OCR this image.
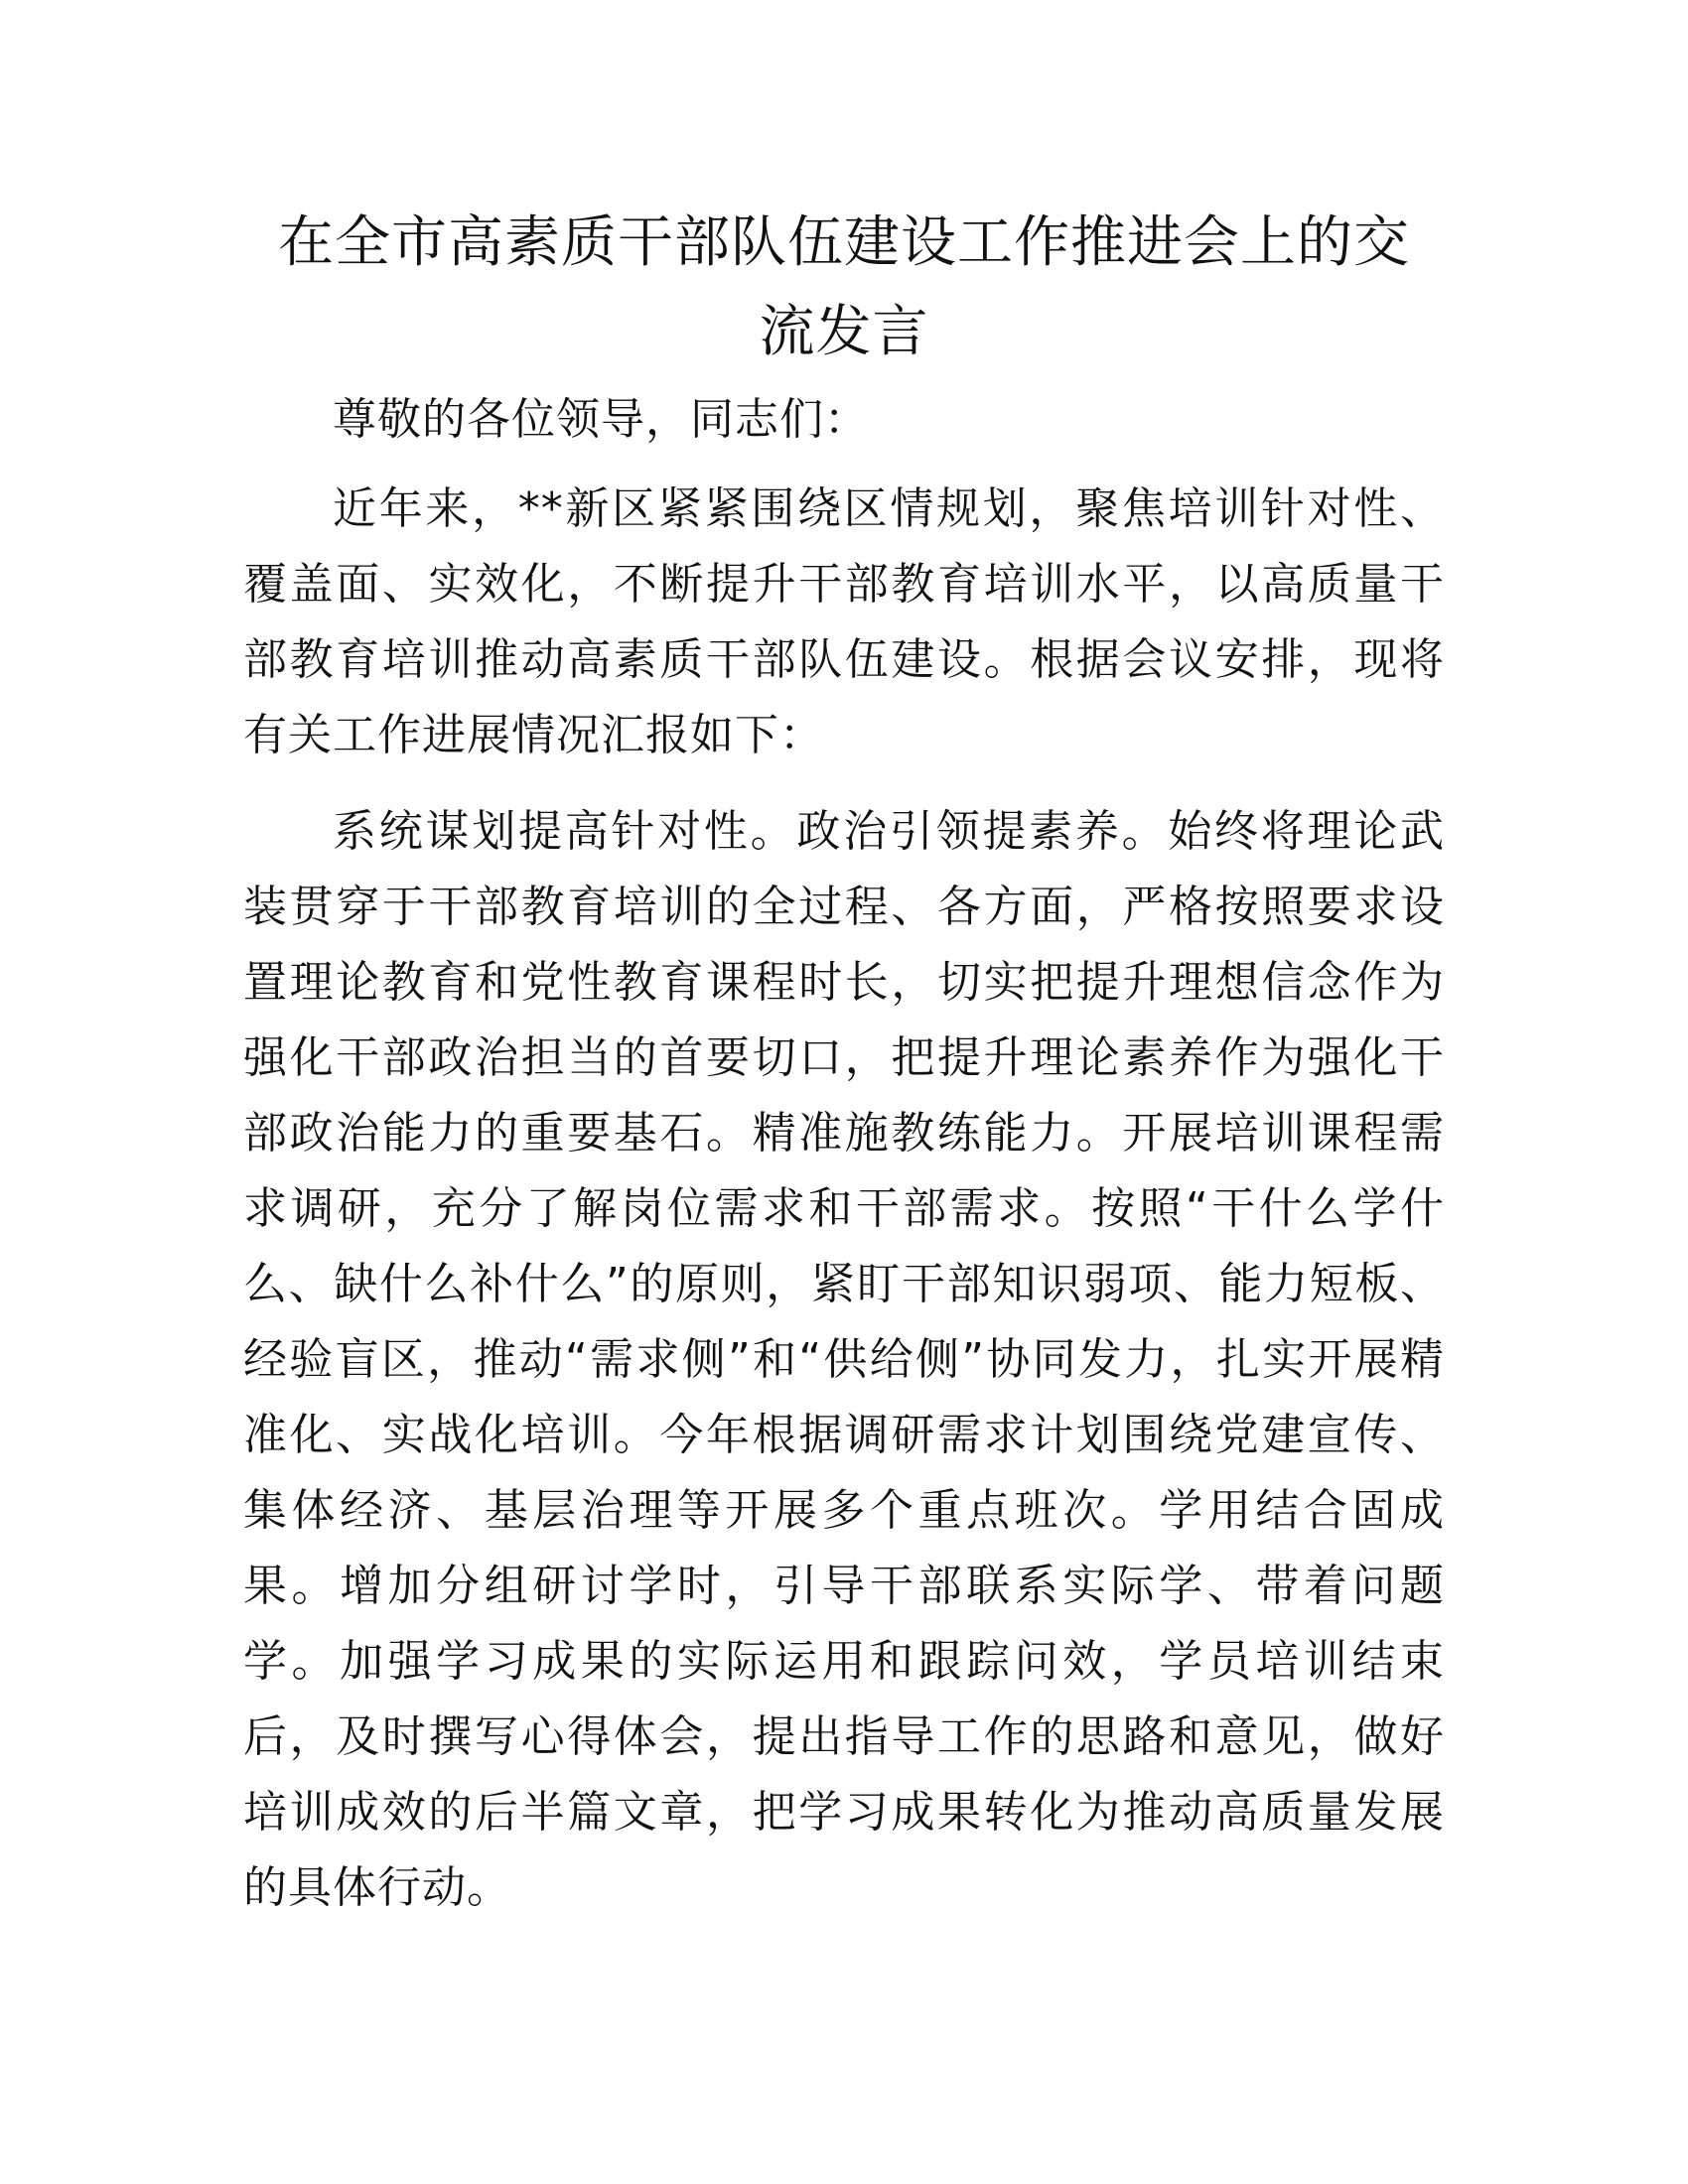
在全市高素质干部队伍建设工作推进会上的交
流发言

尊敬的各位领导，同志们：

近年来，**新区紧紧围绕区情规划，聚焦培训针对性、覆盖面、实效化，不断提升干部教育培训水平，以高质量干部教育培训推动高素质干部队伍建设。根据会议安排，现将有关工作进展情况汇报如下：

系统谋划提高针对性。政治引领提素养。始终将理论武装贯穿于干部教育培训的全过程、各方面，严格按照要求设置理论教育和党性教育课程时长，切实把提升理想信念作为强化干部政治担当的首要切口，把提升理论素养作为强化干部政治能力的重要基石。精准施教练能力。开展培训课程需求调研，充分了解岗位需求和干部需求。按照“干什么学什么、缺什么补什么”的原则，紧盯干部知识弱项、能力短板、经验盲区，推动“需求侧”和“供给侧”协同发力，扎实开展精准化、实战化培训。今年根据调研需求计划围绕党建宣传、集体经济、基层治理等开展多个重点班次。学用结合固成果。增加分组研讨学时，引导干部联系实际学、带着问题学。加强学习成果的实际运用和跟踪问效，学员培训结束后，及时撰写心得体会，提出指导工作的思路和意见，做好培训成效的后半篇文章，把学习成果转化为推动高质量发展的具体行动。
